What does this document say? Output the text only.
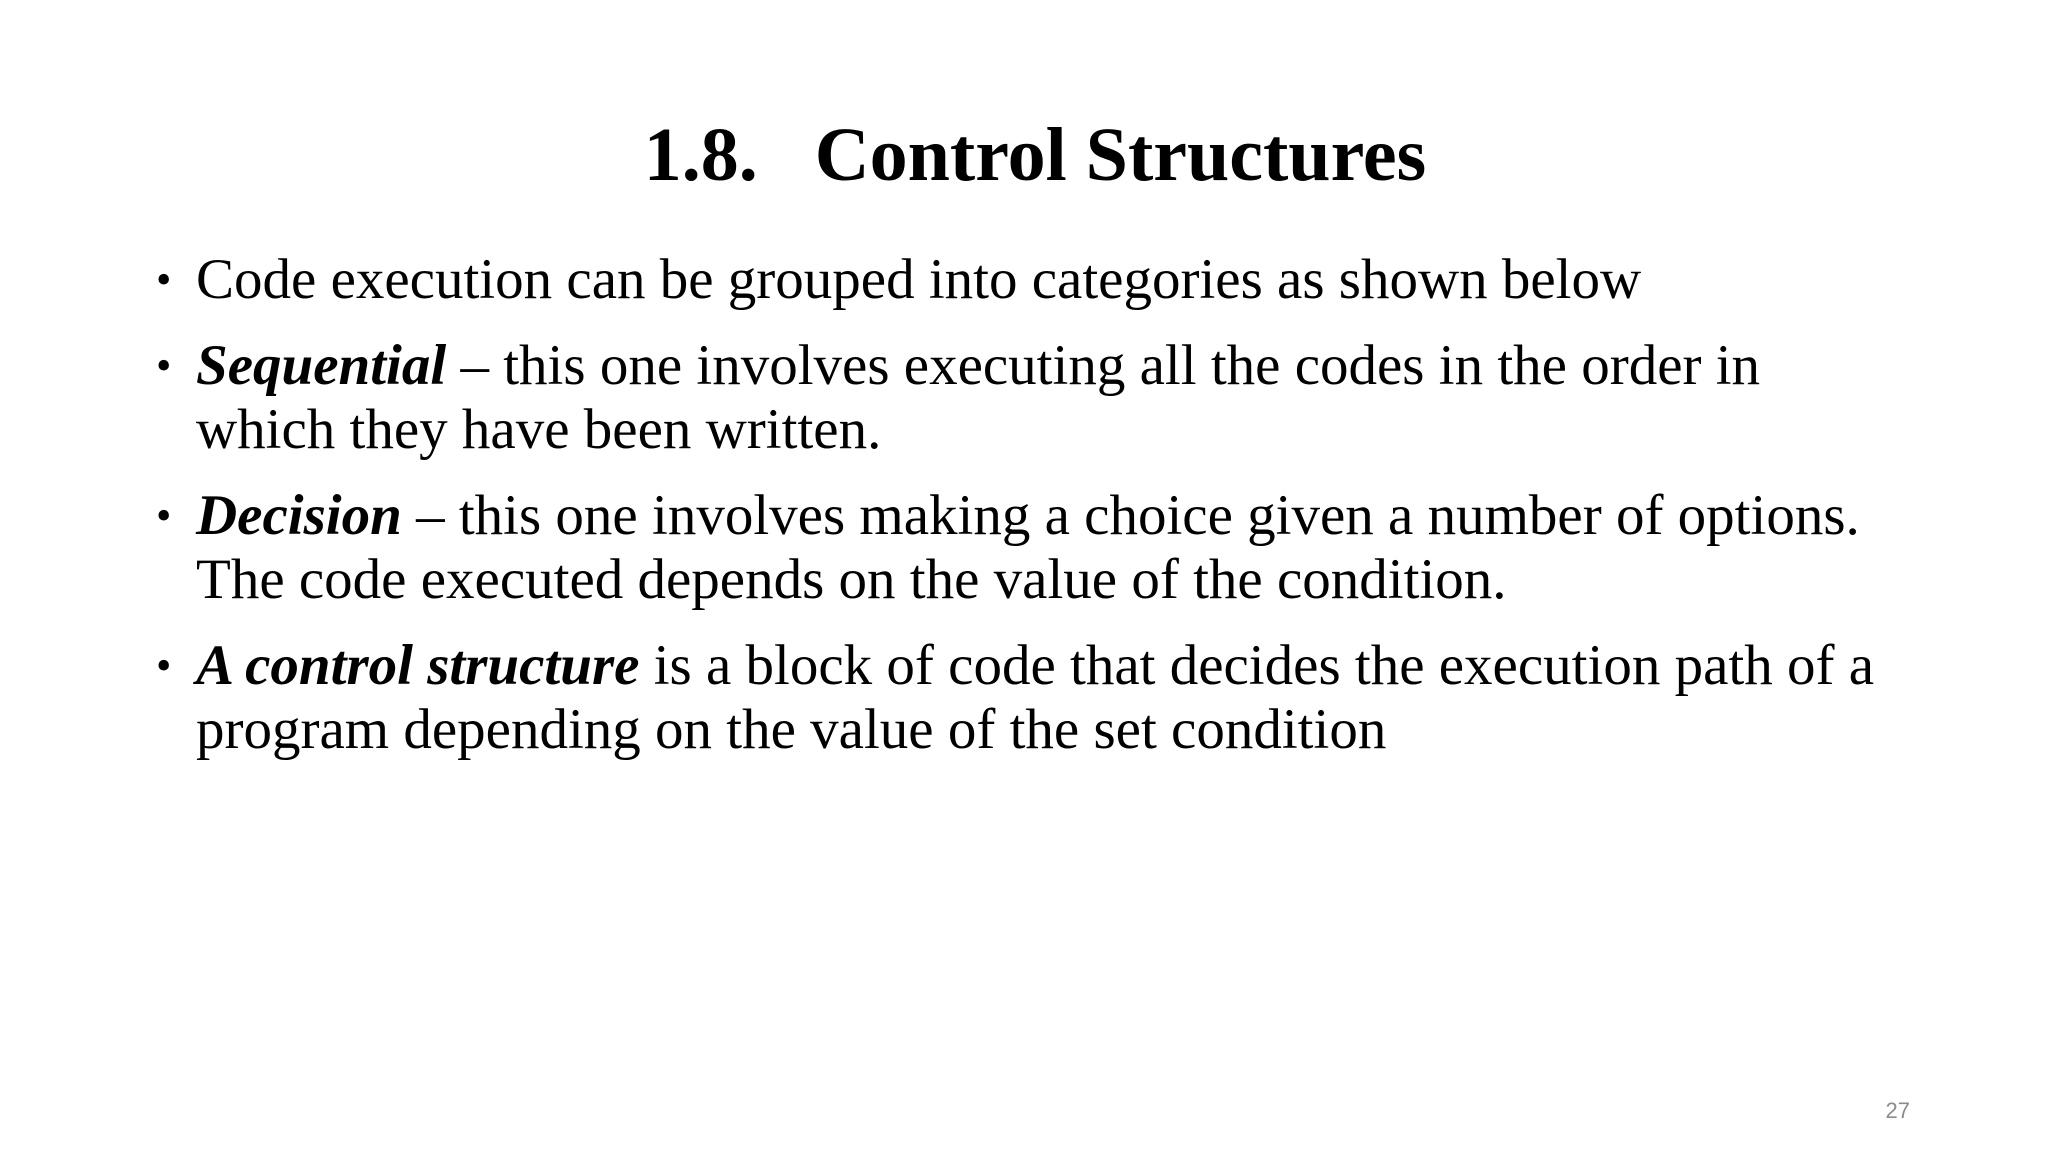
1.8.   Control Structures
• Code execution can be grouped into categories as shown below
• Sequential – this one involves executing all the codes in the order in which they have been written.
• Decision – this one involves making a choice given a number of options. The code executed depends on the value of the condition.
• A control structure is a block of code that decides the execution path of a program depending on the value of the set condition
27
